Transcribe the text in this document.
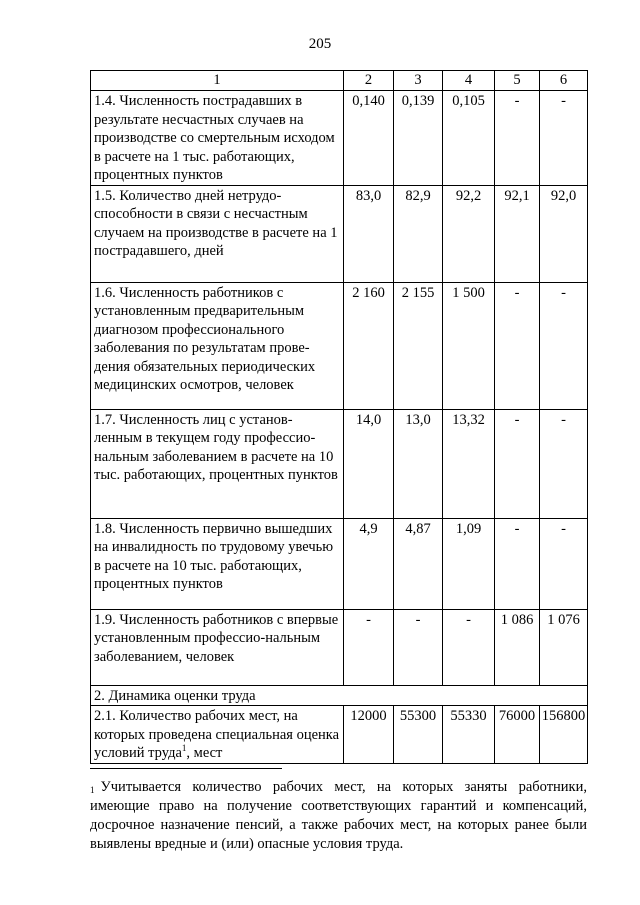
205
1	2	3	4	5	6
1.4. Численность пострадавших в результате несчастных случаев на производстве со смертельным исходом в расчете на 1 тыс. работающих, процентных пунктов	0,140	0,139	0,105	-	-
1.5. Количество дней нетрудо-способности в связи с несчастным случаем на производстве в расчете на 1 пострадавшего, дней	83,0	82,9	92,2	92,1	92,0
1.6. Численность работников с установленным предварительным диагнозом профессионального заболевания по результатам прове-дения обязательных периодических медицинских осмотров, человек	2 160	2 155	1 500	-	-
1.7. Численность лиц с установ-ленным в текущем году профессио-нальным заболеванием в расчете на 10 тыс. работающих, процентных пунктов	14,0	13,0	13,32	-	-
1.8. Численность первично вышедших на инвалидность по трудовому увечью в расчете на 10 тыс. работающих, процентных пунктов	4,9	4,87	1,09	-	-
1.9. Численность работников с впервые установленным профессио-нальным заболеванием, человек	-	-	-	1 086	1 076
2. Динамика оценки труда					
2.1. Количество рабочих мест, на которых проведена специальная оценка условий труда$^1$, мест	12000	55300	55330	76000	156800
$^1$ Учитывается количество рабочих мест, на которых заняты работники, имеющие право на получение соответствующих гарантий и компенсаций, досрочное назначение пенсий, а также рабочих мест, на которых ранее были выявлены вредные и (или) опасные условия труда.
